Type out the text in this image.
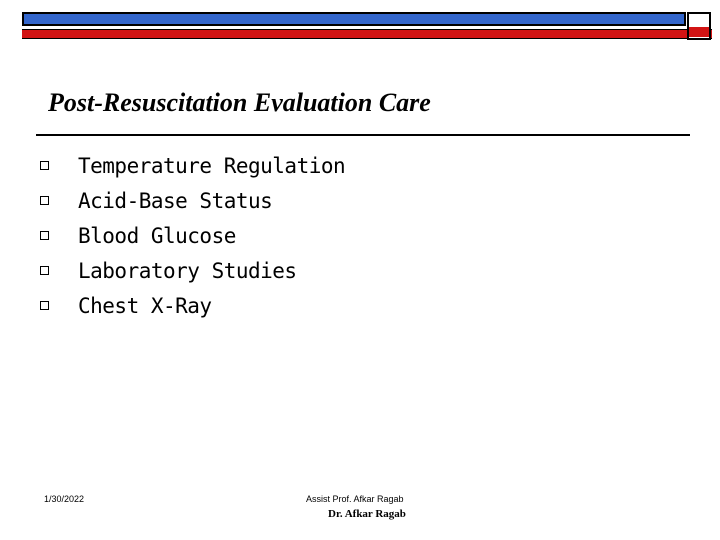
Post-Resuscitation Evaluation Care
Temperature Regulation
Acid-Base Status
Blood Glucose
Laboratory Studies
Chest X-Ray
1/30/2022	Assist Prof. Afkar Ragab
Dr. Afkar Ragab
